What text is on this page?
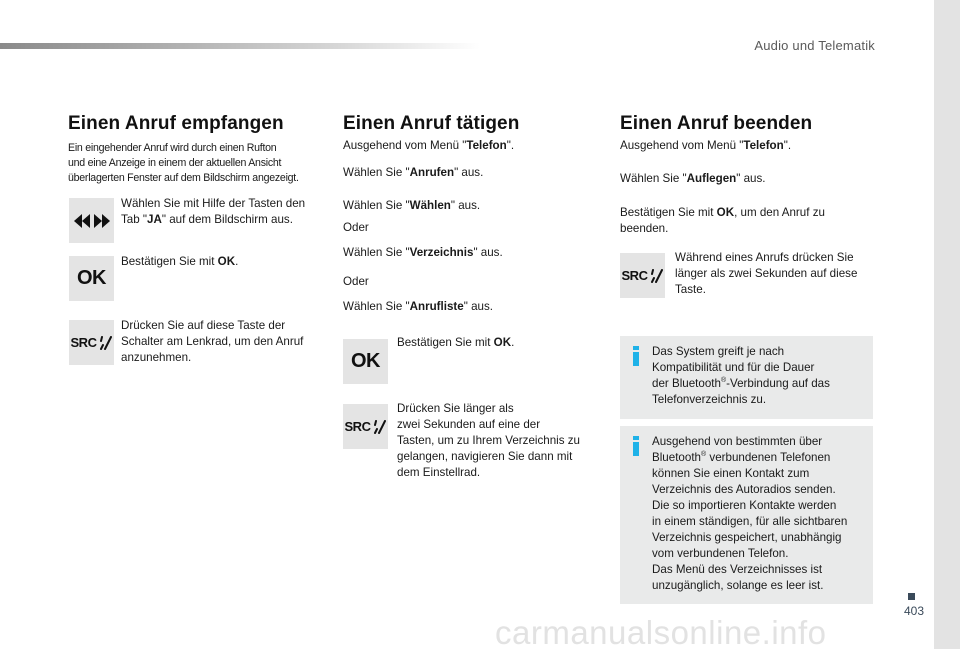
Audio und Telematik
403
Einen Anruf empfangen
Ein eingehender Anruf wird durch einen Rufton
und eine Anzeige in einem der aktuellen Ansicht
überlagerten Fenster auf dem Bildschirm angezeigt.
Wählen Sie mit Hilfe der Tasten den
Tab "JA" auf dem Bildschirm aus.
OK
Bestätigen Sie mit OK.
SRC
Drücken Sie auf diese Taste der
Schalter am Lenkrad, um den Anruf
anzunehmen.
Einen Anruf tätigen
Ausgehend vom Menü "Telefon".
Wählen Sie "Anrufen" aus.
Wählen Sie "Wählen" aus.
Oder
Wählen Sie "Verzeichnis" aus.
Oder
Wählen Sie "Anrufliste" aus.
OK
Bestätigen Sie mit OK.
SRC
Drücken Sie länger als
zwei Sekunden auf eine der
Tasten, um zu Ihrem Verzeichnis zu
gelangen, navigieren Sie dann mit
dem Einstellrad.
Einen Anruf beenden
Ausgehend vom Menü "Telefon".
Wählen Sie "Auflegen" aus.
Bestätigen Sie mit OK, um den Anruf zu
beenden.
SRC
Während eines Anrufs drücken Sie
länger als zwei Sekunden auf diese
Taste.
Das System greift je nach
Kompatibilität und für die Dauer
der Bluetooth®-Verbindung auf das
Telefonverzeichnis zu.
Ausgehend von bestimmten über
Bluetooth® verbundenen Telefonen
können Sie einen Kontakt zum
Verzeichnis des Autoradios senden.
Die so importieren Kontakte werden
in einem ständigen, für alle sichtbaren
Verzeichnis gespeichert, unabhängig
vom verbundenen Telefon.
Das Menü des Verzeichnisses ist
unzugänglich, solange es leer ist.
carmanualsonline.info
